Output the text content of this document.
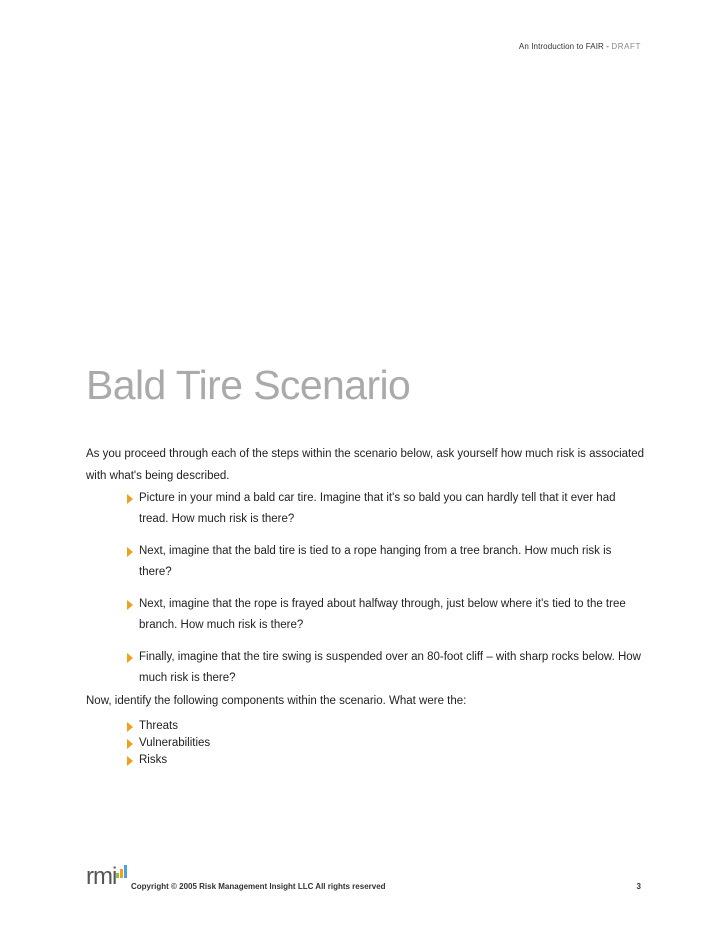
An Introduction to FAIR - DRAFT
Bald Tire Scenario

As you proceed through each of the steps within the scenario below, ask yourself how much risk is associated with what's being described.

Picture in your mind a bald car tire. Imagine that it's so bald you can hardly tell that it ever had tread. How much risk is there?
Next, imagine that the bald tire is tied to a rope hanging from a tree branch. How much risk is there?
Next, imagine that the rope is frayed about halfway through, just below where it's tied to the tree branch. How much risk is there?
Finally, imagine that the tire swing is suspended over an 80-foot cliff – with sharp rocks below. How much risk is there?

Now, identify the following components within the scenario. What were the:

Threats
Vulnerabilities
Risks
rmi Copyright © 2005 Risk Management Insight LLC All rights reserved	3
